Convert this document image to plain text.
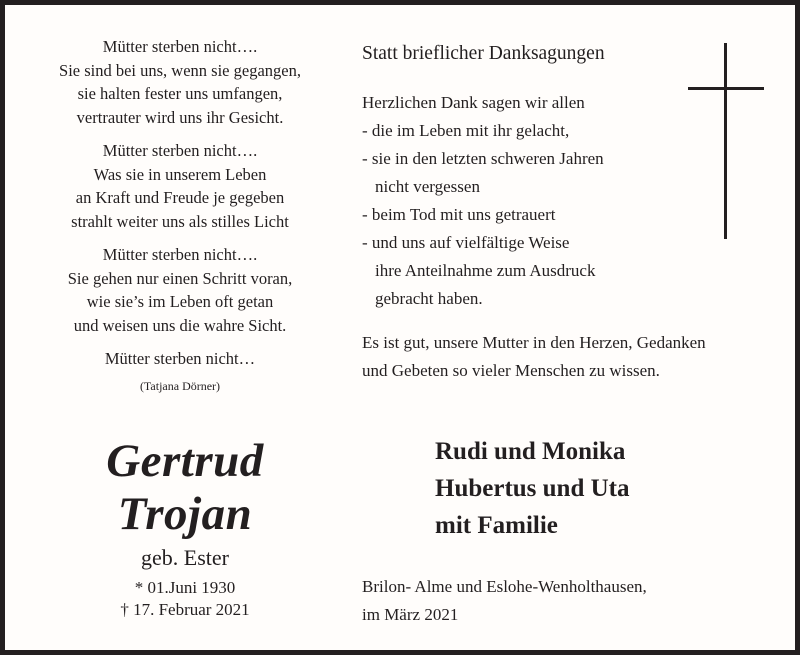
Mütter sterben nicht….
Sie sind bei uns, wenn sie gegangen,
sie halten fester uns umfangen,
vertrauter wird uns ihr Gesicht.
Mütter sterben nicht….
Was sie in unserem Leben
an Kraft und Freude je gegeben
strahlt weiter uns als stilles Licht
Mütter sterben nicht….
Sie gehen nur einen Schritt voran,
wie sie’s im Leben oft getan
und weisen uns die wahre Sicht.
Mütter sterben nicht…
(Tatjana Dörner)
Gertrud
Trojan
geb. Ester
* 01.Juni 1930
† 17. Februar 2021
Statt brieflicher Danksagungen
Herzlichen Dank sagen wir allen
- die im Leben mit ihr gelacht,
- sie in den letzten schweren Jahren
nicht vergessen
- beim Tod mit uns getrauert
- und uns auf vielfältige Weise
ihre Anteilnahme zum Ausdruck
gebracht haben.
Es ist gut, unsere Mutter in den Herzen, Gedanken
und Gebeten so vieler Menschen zu wissen.
Rudi und Monika
Hubertus und Uta
mit Familie
Brilon- Alme und Eslohe-Wenholthausen,
im März 2021
